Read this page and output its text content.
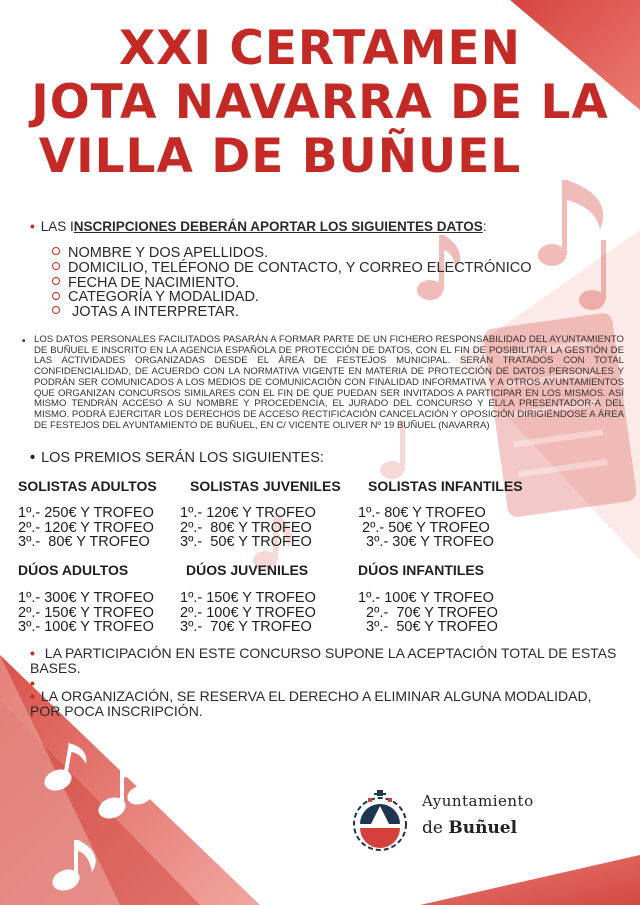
XXI CERTAMEN
JOTA NAVARRA DE LA
VILLA DE BUÑUEL
• LAS INSCRIPCIONES DEBERÁN APORTAR LOS SIGUIENTES DATOS:
NOMBRE Y DOS APELLIDOS.
DOMICILIO, TELÉFONO DE CONTACTO, Y CORREO ELECTRÓNICO
FECHA DE NACIMIENTO.
CATEGORÍA Y MODALIDAD.
JOTAS A INTERPRETAR.
• LOS DATOS PERSONALES FACILITADOS PASARÁN A FORMAR PARTE DE UN FICHERO RESPONSABILIDAD DEL AYUNTAMIENTO DE BUÑUEL E INSCRITO EN LA AGENCIA ESPAÑOLA DE PROTECCIÓN DE DATOS, CON EL FIN DE POSIBILITAR LA GESTIÓN DE LAS ACTIVIDADES ORGANIZADAS DESDE EL ÁREA DE FESTEJOS MUNICIPAL. SERÁN TRATADOS CON TOTAL CONFIDENCIALIDAD, DE ACUERDO CON LA NORMATIVA VIGENTE EN MATERIA DE PROTECCIÓN DE DATOS PERSONALES Y PODRÁN SER COMUNICADOS A LOS MEDIOS DE COMUNICACIÓN CON FINALIDAD INFORMATIVA Y A OTROS AYUNTAMIENTOS QUE ORGANIZAN CONCURSOS SIMILARES CON EL FIN DE QUE PUEDAN SER INVITADOS A PARTICIPAR EN LOS MISMOS. ASÍ MISMO TENDRÁN ACCESO A SU NOMBRE Y PROCEDENCIA, EL JURADO DEL CONCURSO Y EL/LA PRESENTADOR-A DEL MISMO. PODRÁ EJERCITAR LOS DERECHOS DE ACCESO RECTIFICACIÓN CANCELACIÓN Y OPOSICIÓN DIRIGIÉNDOSE A ÁREA DE FESTEJOS DEL AYUNTAMIENTO DE BUÑUEL, EN C/ VICENTE OLIVER Nº 19 BUÑUEL (NAVARRA)
• LOS PREMIOS SERÁN LOS SIGUIENTES:
SOLISTAS ADULTOS SOLISTAS JUVENILES SOLISTAS INFANTILES
1º.- 250€ Y TROFEO
2º.- 120€ Y TROFEO
3º.-  80€ Y TROFEO
1º.- 120€ Y TROFEO
2º.-  80€ Y TROFEO
3º.-  50€ Y TROFEO
1º.- 80€ Y TROFEO
2º.- 50€ Y TROFEO
3º.- 30€ Y TROFEO
DÚOS ADULTOS	DÚOS JUVENILES	DÚOS INFANTILES
1º.- 300€ Y TROFEO
2º.- 150€ Y TROFEO
3º.- 100€ Y TROFEO
1º.- 150€ Y TROFEO
2º.- 100€ Y TROFEO
3º.-  70€ Y TROFEO
1º.- 100€ Y TROFEO
2º.-  70€ Y TROFEO
3º.-  50€ Y TROFEO
• LA PARTICIPACIÓN EN ESTE CONCURSO SUPONE LA ACEPTACIÓN TOTAL DE ESTAS BASES.
•
• LA ORGANIZACIÓN, SE RESERVA EL DERECHO A ELIMINAR ALGUNA MODALIDAD, POR POCA INSCRIPCIÓN.
Ayuntamiento
de Buñuel
